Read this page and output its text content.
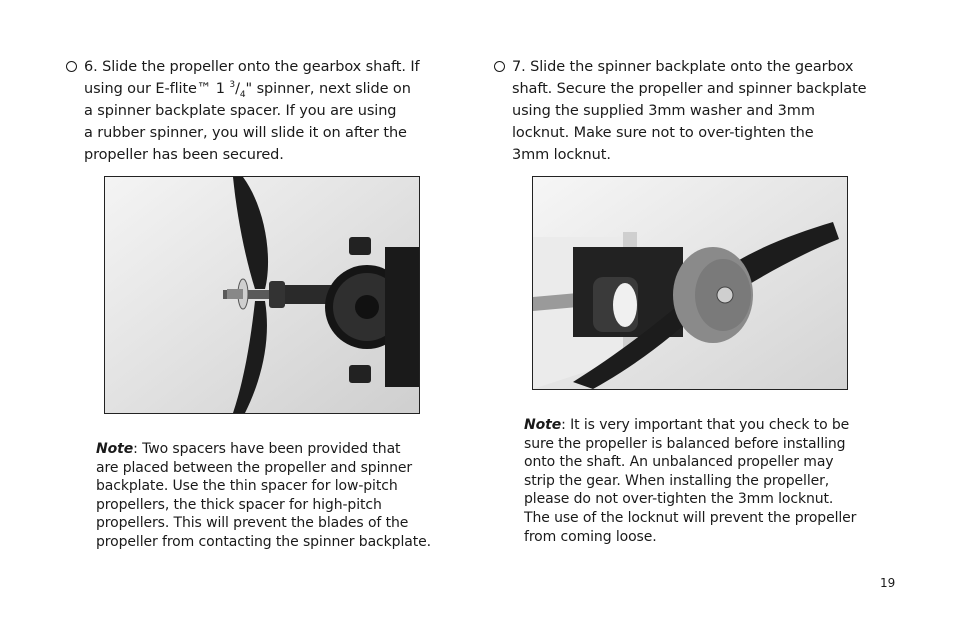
6. Slide the propeller onto the gearbox shaft. If
using our E-flite™ 1 $^3/_4$" spinner, next slide on
a spinner backplate spacer. If you are using
a rubber spinner, you will slide it on after the
propeller has been secured.
Note: Two spacers have been provided that
are placed between the propeller and spinner
backplate. Use the thin spacer for low-pitch
propellers, the thick spacer for high-pitch
propellers. This will prevent the blades of the
propeller from contacting the spinner backplate.
7. Slide the spinner backplate onto the gearbox
shaft. Secure the propeller and spinner backplate
using the supplied 3mm washer and 3mm
locknut. Make sure not to over-tighten the
3mm locknut.
Note: It is very important that you check to be
sure the propeller is balanced before installing
onto the shaft. An unbalanced propeller may
strip the gear. When installing the propeller,
please do not over-tighten the 3mm locknut.
The use of the locknut will prevent the propeller
from coming loose.
19
